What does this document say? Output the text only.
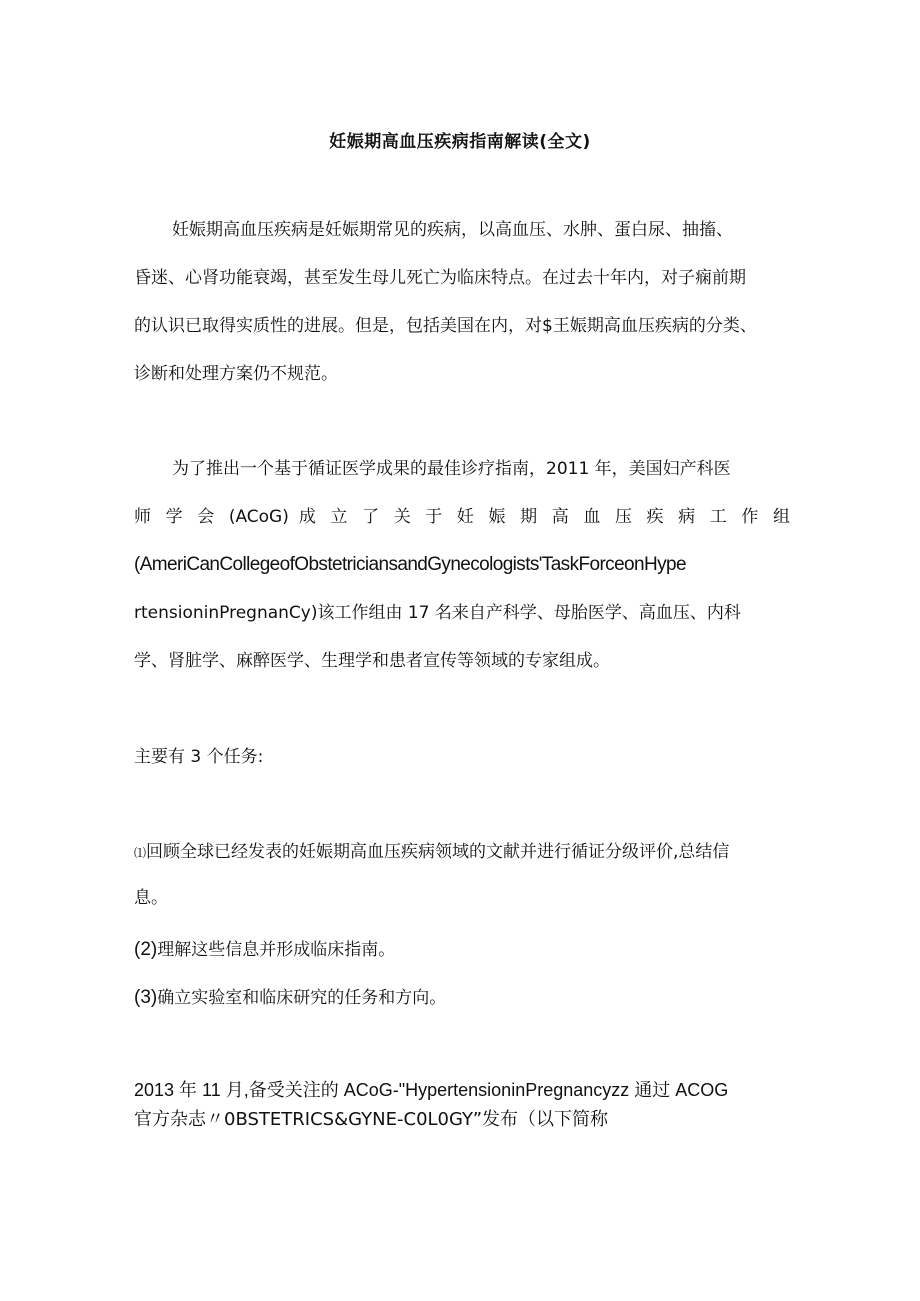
妊娠期高血压疾病指南解读(全文)
妊娠期高血压疾病是妊娠期常见的疾病，以高血压、水肿、蛋白尿、抽搐、
昏迷、心肾功能衰竭，甚至发生母儿死亡为临床特点。在过去十年内，对子痫前期
的认识已取得实质性的进展。但是，包括美国在内，对$王娠期高血压疾病的分类、
诊断和处理方案仍不规范。
为了推出一个基于循证医学成果的最佳诊疗指南，2011 年，美国妇产科医
师 学 会 (ACoG) 成 立 了 关 于 妊 娠 期 高 血 压 疾 病 工 作 组
(AmeriCanCollegeofObstetriciansandGynecologists'TaskForceonHype
rtensioninPregnanCy)该工作组由 17 名来自产科学、母胎医学、高血压、内科
学、肾脏学、麻醉医学、生理学和患者宣传等领域的专家组成。
主要有 3 个任务:
⑴回顾全球已经发表的妊娠期高血压疾病领域的文献并进行循证分级评价,总结信
息。
(2)理解这些信息并形成临床指南。
(3)确立实验室和临床研究的任务和方向。
2013 年 11 月,备受关注的 ACoG-"HypertensioninPregnancyzz 通过 ACOG
官方杂志〃0BSTETRICS&GYNE-C0L0GY”发布（以下简称
